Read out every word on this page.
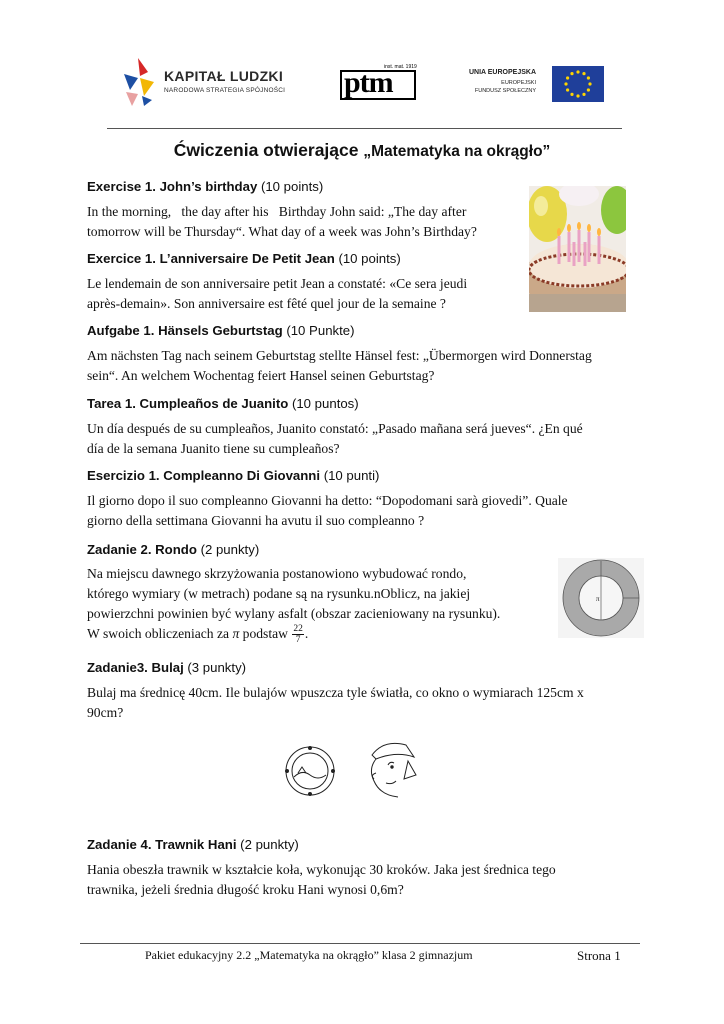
KAPITAŁ LUDZKI
NARODOWA STRATEGIA SPÓJNOŚCI ptm
inst. mat. 1919
UNIA EUROPEJSKA
EUROPEJSKI
FUNDUSZ SPOŁECZNY
Ćwiczenia otwierające „Matematyka na okrągło”
Exercise 1. John’s birthday (10 points)
In the morning,   the day after his   Birthday John said: „The day after
tomorrow will be Thursday“. What day of a week was John’s Birthday?
Exercice 1. L’anniversaire De Petit Jean (10 points)
Le lendemain de son anniversaire petit Jean a constaté: «Ce sera jeudi
après-demain». Son anniversaire est fêté quel jour de la semaine ?
Aufgabe 1. Hänsels Geburtstag (10 Punkte)
Am nächsten Tag nach seinem Geburtstag stellte Hänsel fest: „Übermorgen wird Donnerstag
sein“. An welchem Wochentag feiert Hansel seinen Geburtstag?
Tarea 1. Cumpleaños de Juanito (10 puntos)
Un día después de su cumpleaños, Juanito constató: „Pasado mañana será jueves“. ¿En qué
día de la semana Juanito tiene su cumpleaños?
Esercizio 1. Compleanno Di Giovanni (10 punti)
Il giorno dopo il suo compleanno Giovanni ha detto: “Dopodomani sarà giovedi”. Quale
giorno della settimana Giovanni ha avutu il suo compleanno ?
Zadanie 2. Rondo (2 punkty)
Na miejscu dawnego skrzyżowania postanowiono wybudować rondo,
którego wymiary (w metrach) podane są na rysunku.nOblicz, na jakiej
powierzchni powinien być wylany asfalt (obszar zacieniowany na rysunku).
W swoich obliczeniach za π podstaw $\frac{22}{7}$ .
π
Zadanie3. Bulaj (3 punkty)
Bulaj ma średnicę 40cm. Ile bulajów wpuszcza tyle światła, co okno o wymiarach 125cm x
90cm?
Zadanie 4. Trawnik Hani (2 punkty)
Hania obeszła trawnik w kształcie koła, wykonując 30 kroków. Jaka jest średnica tego
trawnika, jeżeli średnia długość kroku Hani wynosi 0,6m?
Pakiet edukacyjny 2.2 „Matematyka na okrągło” klasa 2 gimnazjum	Strona 1
